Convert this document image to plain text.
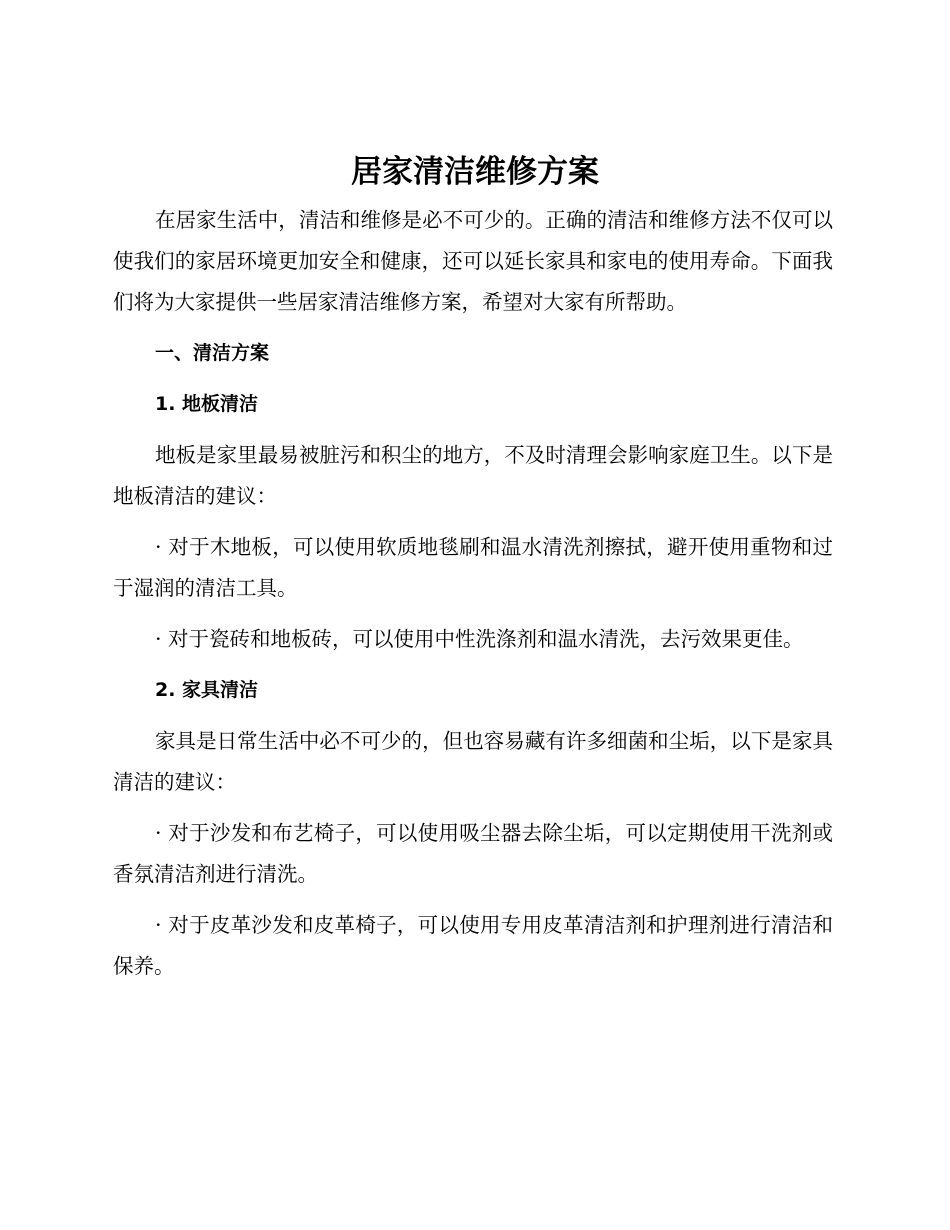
居家清洁维修方案

在居家生活中，清洁和维修是必不可少的。正确的清洁和维修方法不仅可以使我们的家居环境更加安全和健康，还可以延长家具和家电的使用寿命。下面我们将为大家提供一些居家清洁维修方案，希望对大家有所帮助。

一、清洁方案

1. 地板清洁

地板是家里最易被脏污和积尘的地方，不及时清理会影响家庭卫生。以下是地板清洁的建议：

· 对于木地板，可以使用软质地毯刷和温水清洗剂擦拭，避开使用重物和过于湿润的清洁工具。

· 对于瓷砖和地板砖，可以使用中性洗涤剂和温水清洗，去污效果更佳。

2. 家具清洁

家具是日常生活中必不可少的，但也容易藏有许多细菌和尘垢，以下是家具清洁的建议：

· 对于沙发和布艺椅子，可以使用吸尘器去除尘垢，可以定期使用干洗剂或香氛清洁剂进行清洗。

· 对于皮革沙发和皮革椅子，可以使用专用皮革清洁剂和护理剂进行清洁和保养。
